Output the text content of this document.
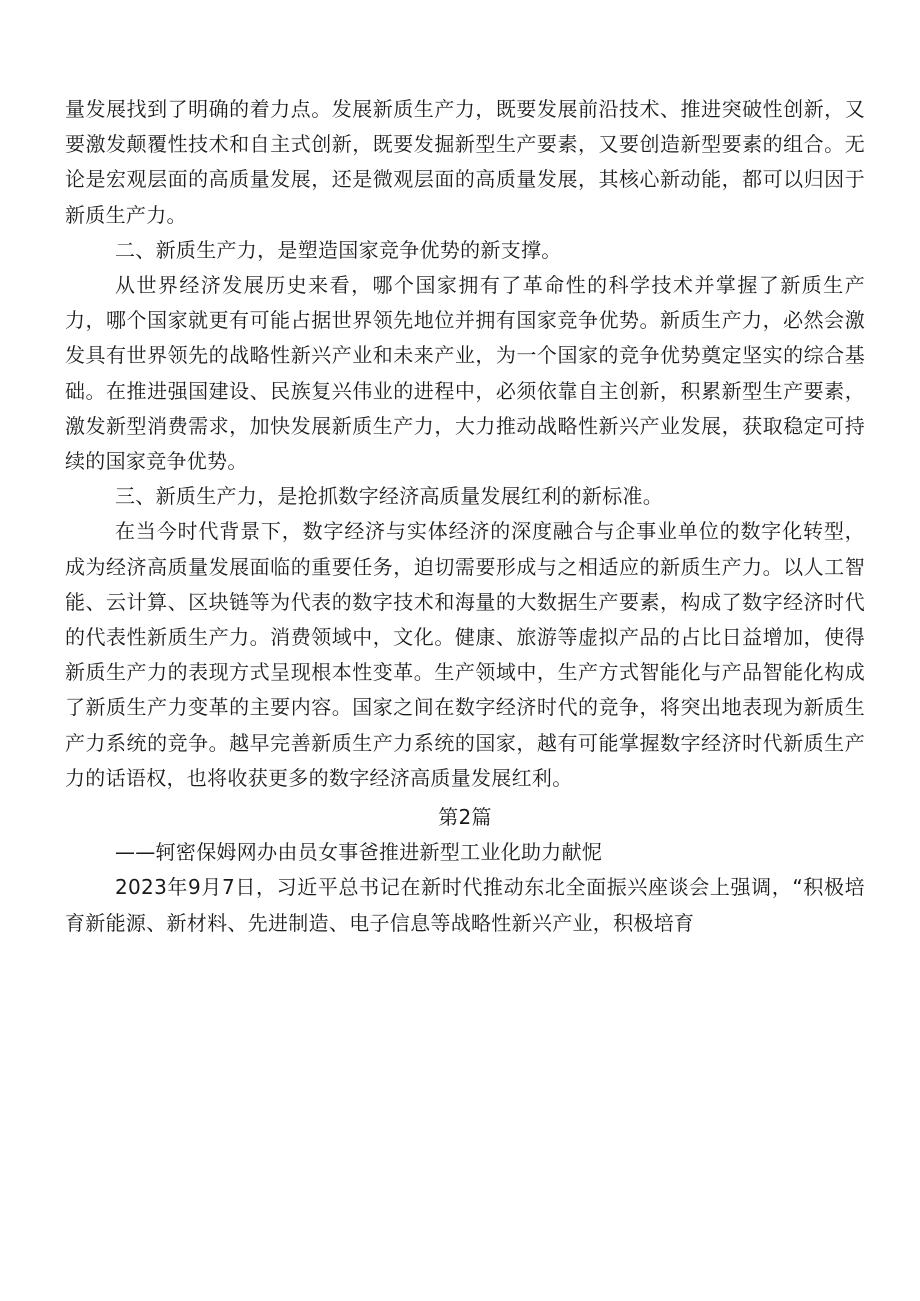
量发展找到了明确的着力点。发展新质生产力，既要发展前沿技术、推进突破性创新，又要激发颠覆性技术和自主式创新，既要发掘新型生产要素，又要创造新型要素的组合。无论是宏观层面的高质量发展，还是微观层面的高质量发展，其核心新动能，都可以归因于新质生产力。

二、新质生产力，是塑造国家竞争优势的新支撑。

从世界经济发展历史来看，哪个国家拥有了革命性的科学技术并掌握了新质生产力，哪个国家就更有可能占据世界领先地位并拥有国家竞争优势。新质生产力，必然会激发具有世界领先的战略性新兴产业和未来产业，为一个国家的竞争优势奠定坚实的综合基础。在推进强国建设、民族复兴伟业的进程中，必须依靠自主创新，积累新型生产要素，激发新型消费需求，加快发展新质生产力，大力推动战略性新兴产业发展，获取稳定可持续的国家竞争优势。

三、新质生产力，是抢抓数字经济高质量发展红利的新标准。

在当今时代背景下，数字经济与实体经济的深度融合与企事业单位的数字化转型，成为经济高质量发展面临的重要任务，迫切需要形成与之相适应的新质生产力。以人工智能、云计算、区块链等为代表的数字技术和海量的大数据生产要素，构成了数字经济时代的代表性新质生产力。消费领域中，文化。健康、旅游等虚拟产品的占比日益增加，使得新质生产力的表现方式呈现根本性变革。生产领域中，生产方式智能化与产品智能化构成了新质生产力变革的主要内容。国家之间在数字经济时代的竞争，将突出地表现为新质生产力系统的竞争。越早完善新质生产力系统的国家，越有可能掌握数字经济时代新质生产力的话语权，也将收获更多的数字经济高质量发展红利。

第2篇

——轲密保姆网办由员女事爸推进新型工业化助力献怩

2023年9月7日，习近平总书记在新时代推动东北全面振兴座谈会上强调，“积极培育新能源、新材料、先进制造、电子信息等战略性新兴产业，积极培育
